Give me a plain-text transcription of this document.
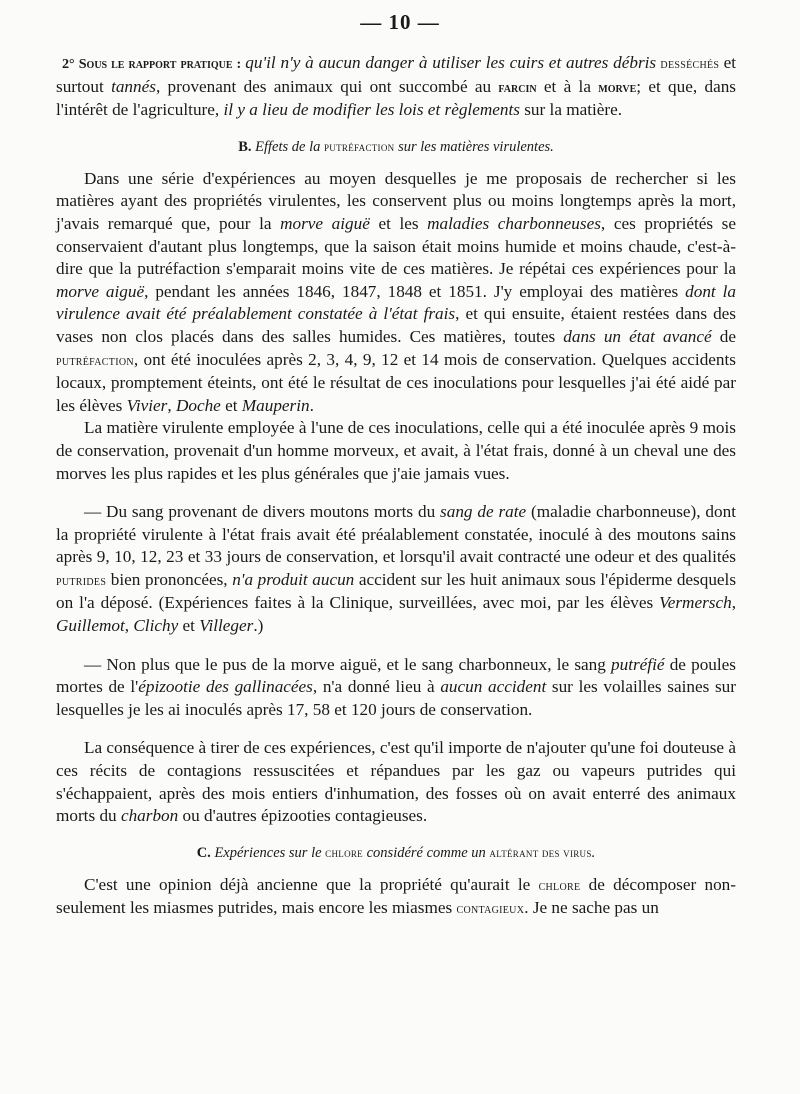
— 10 —

2° Sous le rapport pratique : qu'il n'y à aucun danger à utiliser les cuirs et autres débris desséchés et surtout tannés, provenant des animaux qui ont succombé au farcin et à la morve; et que, dans l'intérêt de l'agriculture, il y a lieu de modifier les lois et règlements sur la matière.

B. Effets de la putréfaction sur les matières virulentes.

Dans une série d'expériences au moyen desquelles je me proposais de rechercher si les matières ayant des propriétés virulentes, les conservent plus ou moins longtemps après la mort, j'avais remarqué que, pour la morve aiguë et les maladies charbonneuses, ces propriétés se conservaient d'autant plus longtemps, que la saison était moins humide et moins chaude, c'est-à-dire que la putréfaction s'emparait moins vite de ces matières. Je répétai ces expériences pour la morve aiguë, pendant les années 1846, 1847, 1848 et 1851. J'y employai des matières dont la virulence avait été préalablement constatée à l'état frais, et qui ensuite, étaient restées dans des vases non clos placés dans des salles humides. Ces matières, toutes dans un état avancé de putréfaction, ont été inoculées après 2, 3, 4, 9, 12 et 14 mois de conservation. Quelques accidents locaux, promptement éteints, ont été le résultat de ces inoculations pour lesquelles j'ai été aidé par les élèves Vivier, Doche et Mauperin.

La matière virulente employée à l'une de ces inoculations, celle qui a été inoculée après 9 mois de conservation, provenait d'un homme morveux, et avait, à l'état frais, donné à un cheval une des morves les plus rapides et les plus générales que j'aie jamais vues.

— Du sang provenant de divers moutons morts du sang de rate (maladie charbonneuse), dont la propriété virulente à l'état frais avait été préalablement constatée, inoculé à des moutons sains après 9, 10, 12, 23 et 33 jours de conservation, et lorsqu'il avait contracté une odeur et des qualités putrides bien prononcées, n'a produit aucun accident sur les huit animaux sous l'épiderme desquels on l'a déposé. (Expériences faites à la Clinique, surveillées, avec moi, par les élèves Vermersch, Guillemot, Clichy et Villeger.)

— Non plus que le pus de la morve aiguë, et le sang charbonneux, le sang putréfié de poules mortes de l'épizootie des gallinacées, n'a donné lieu à aucun accident sur les volailles saines sur lesquelles je les ai inoculés après 17, 58 et 120 jours de conservation.

La conséquence à tirer de ces expériences, c'est qu'il importe de n'ajouter qu'une foi douteuse à ces récits de contagions ressuscitées et répandues par les gaz ou vapeurs putrides qui s'échappaient, après des mois entiers d'inhumation, des fosses où on avait enterré des animaux morts du charbon ou d'autres épizooties contagieuses.

C. Expériences sur le chlore considéré comme un altérant des virus.

C'est une opinion déjà ancienne que la propriété qu'aurait le chlore de décomposer non-seulement les miasmes putrides, mais encore les miasmes contagieux. Je ne sache pas un
